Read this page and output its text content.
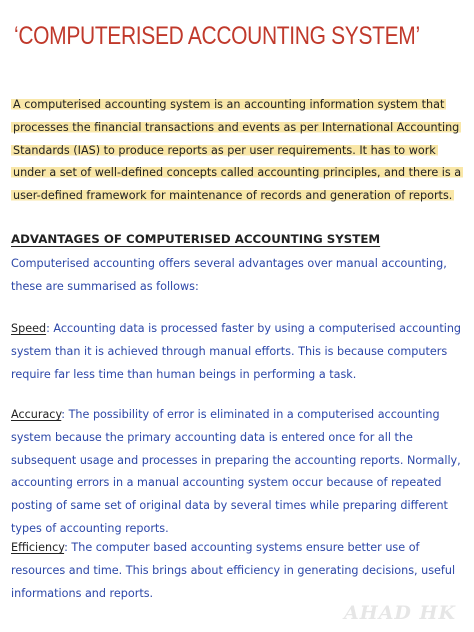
‘COMPUTERISED ACCOUNTING SYSTEM’

A computerised accounting system is an accounting information system that processes the financial transactions and events as per International Accounting Standards (IAS) to produce reports as per user requirements. It has to work under a set of well-defined concepts called accounting principles, and there is a user-defined framework for maintenance of records and generation of reports.

ADVANTAGES OF COMPUTERISED ACCOUNTING SYSTEM

Computerised accounting offers several advantages over manual accounting, these are summarised as follows:

Speed: Accounting data is processed faster by using a computerised accounting system than it is achieved through manual efforts. This is because computers require far less time than human beings in performing a task.

Accuracy: The possibility of error is eliminated in a computerised accounting system because the primary accounting data is entered once for all the subsequent usage and processes in preparing the accounting reports. Normally, accounting errors in a manual accounting system occur because of repeated posting of same set of original data by several times while preparing different types of accounting reports.

Efficiency: The computer based accounting systems ensure better use of resources and time. This brings about efficiency in generating decisions, useful informations and reports.

AHAD HK
